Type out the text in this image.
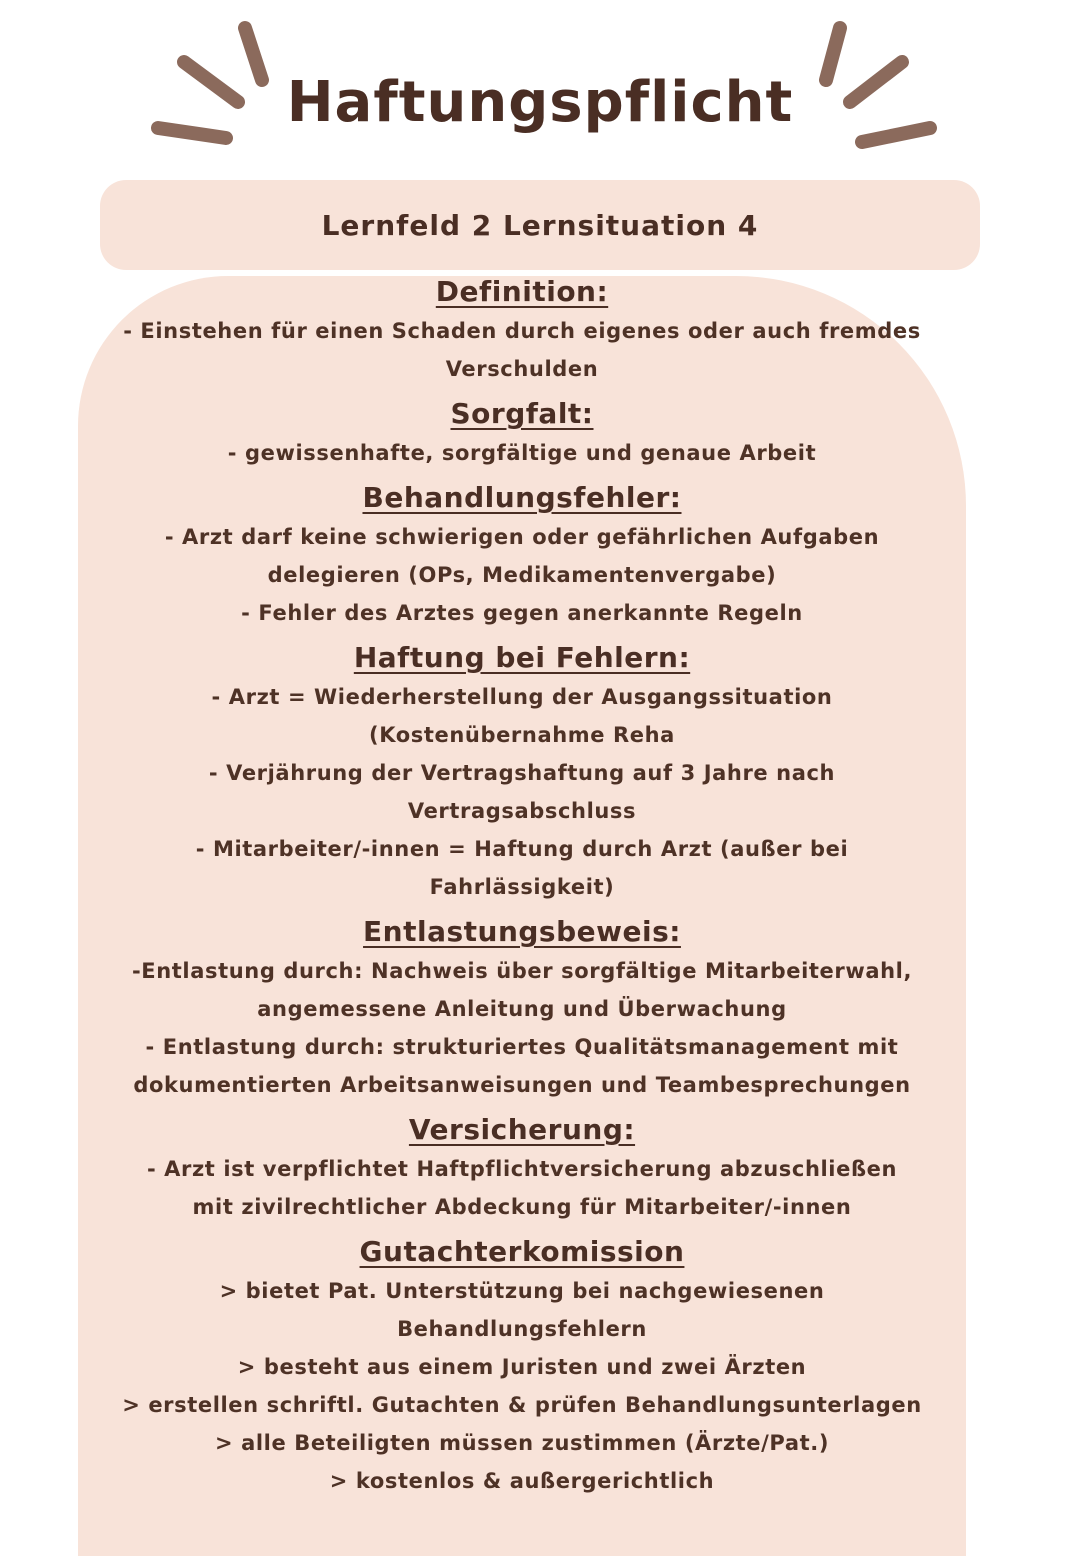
Haftungspflicht
Lernfeld 2 Lernsituation 4
Definition:

- Einstehen für einen Schaden durch eigenes oder auch fremdes

Verschulden

Sorgfalt:

- gewissenhafte, sorgfältige und genaue Arbeit

Behandlungsfehler:

- Arzt darf keine schwierigen oder gefährlichen Aufgaben

delegieren (OPs, Medikamentenvergabe)

- Fehler des Arztes gegen anerkannte Regeln

Haftung bei Fehlern:

- Arzt = Wiederherstellung der Ausgangssituation

(Kostenübernahme Reha

- Verjährung der Vertragshaftung auf 3 Jahre nach

Vertragsabschluss

- Mitarbeiter/-innen = Haftung durch Arzt (außer bei

Fahrlässigkeit)

Entlastungsbeweis:

-Entlastung durch: Nachweis über sorgfältige Mitarbeiterwahl,

angemessene Anleitung und Überwachung

- Entlastung durch: strukturiertes Qualitätsmanagement mit

dokumentierten Arbeitsanweisungen und Teambesprechungen

Versicherung:

- Arzt ist verpflichtet Haftpflichtversicherung abzuschließen

mit zivilrechtlicher Abdeckung für Mitarbeiter/-innen

Gutachterkomission

> bietet Pat. Unterstützung bei nachgewiesenen

Behandlungsfehlern

> besteht aus einem Juristen und zwei Ärzten

> erstellen schriftl. Gutachten & prüfen Behandlungsunterlagen

> alle Beteiligten müssen zustimmen (Ärzte/Pat.)

> kostenlos & außergerichtlich
